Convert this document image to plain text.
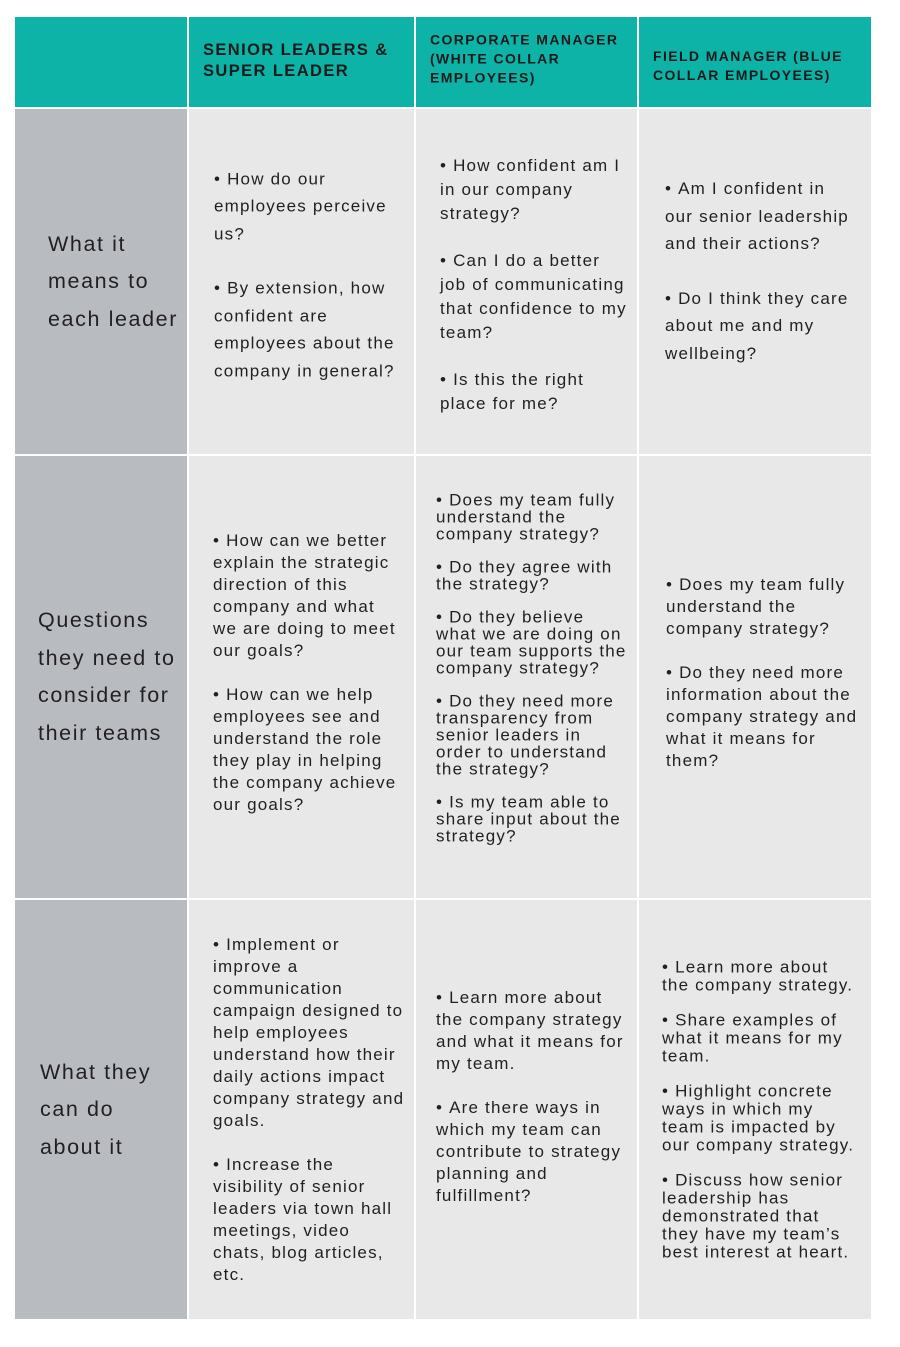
SENIOR LEADERS & SUPER LEADER
CORPORATE MANAGER (WHITE COLLAR EMPLOYEES)
FIELD MANAGER (BLUE COLLAR EMPLOYEES)
What it means to each leader
• How do our employees perceive us?
• By extension, how confident are employees about the company in general?
• How confident am I in our company strategy?
• Can I do a better job of communicating that confidence to my team?
• Is this the right place for me?
• Am I confident in our senior leadership and their actions?
• Do I think they care about me and my wellbeing?
Questions they need to consider for their teams
• How can we better explain the strategic direction of this company and what we are doing to meet our goals?
• How can we help employees see and understand the role they play in helping the company achieve our goals?
• Does my team fully understand the company strategy?
• Do they agree with the strategy?
• Do they believe what we are doing on our team supports the company strategy?
• Do they need more transparency from senior leaders in order to understand the strategy?
• Is my team able to share input about the strategy?
• Does my team fully understand the company strategy?
• Do they need more information about the company strategy and what it means for them?
What they can do about it
• Implement or improve a communication campaign designed to help employees understand how their daily actions impact company strategy and goals.
• Increase the visibility of senior leaders via town hall meetings, video chats, blog articles, etc.
• Learn more about the company strategy and what it means for my team.
• Are there ways in which my team can contribute to strategy planning and fulfillment?
• Learn more about the company strategy.
• Share examples of what it means for my team.
• Highlight concrete ways in which my team is impacted by our company strategy.
• Discuss how senior leadership has demonstrated that they have my team’s best interest at heart.
